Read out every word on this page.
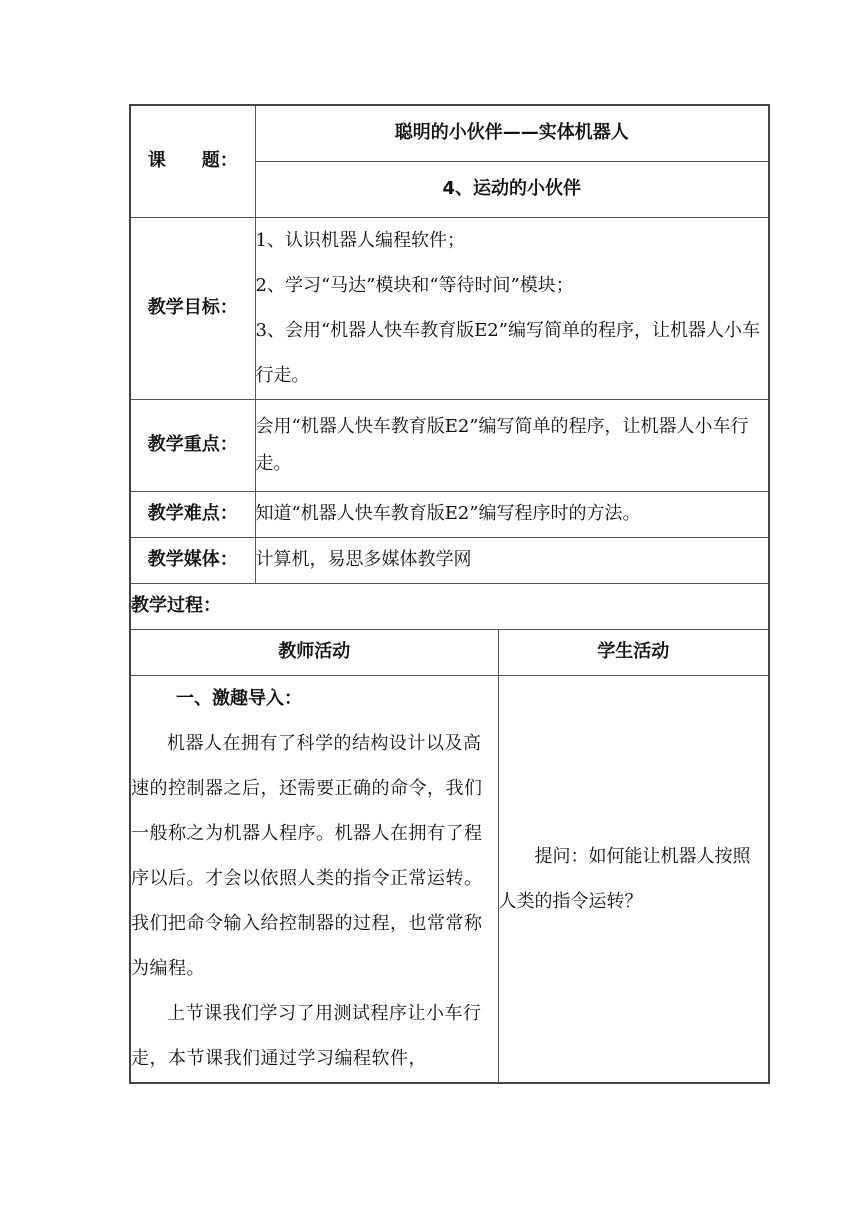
课　　题：	聪明的小伙伴——实体机器人	
	4、运动的小伙伴	
教学目标：	1、认识机器人编程软件；

2、学习“马达”模块和“等待时间”模块；

3、会用“机器人快车教育版E2”编写简单的程序，让机器人小车行走。	

教学重点：	会用“机器人快车教育版E2”编写简单的程序，让机器人小车行走。	

教学难点：	知道“机器人快车教育版E2”编写程序时的方法。	
教学媒体：	计算机，易思多媒体教学网	
教学过程：		
教师活动		学生活动

一、激趣导入：

机器人在拥有了科学的结构设计以及高速的控制器之后，还需要正确的命令，我们一般称之为机器人程序。机器人在拥有了程序以后。才会以依照人类的指令正常运转。我们把命令输入给控制器的过程，也常常称为编程。

上节课我们学习了用测试程序让小车行走，本节课我们通过学习编程软件，		提问：如何能让机器人按照人类的指令运转？
